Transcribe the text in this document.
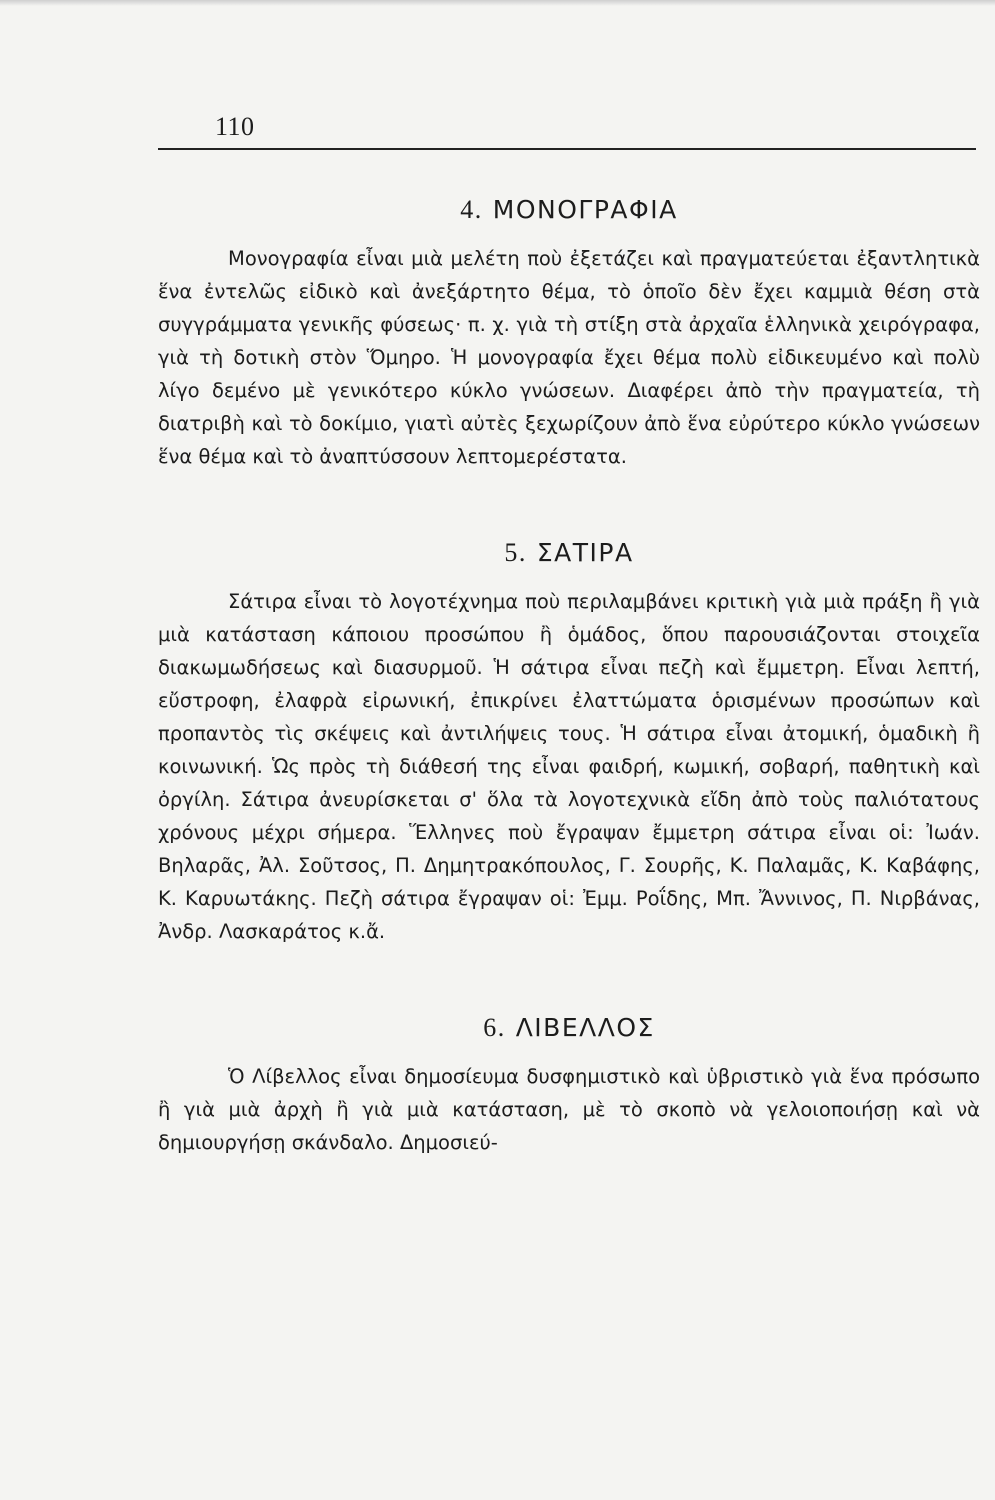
110
4. ΜΟΝΟΓΡΑΦΙΑ

Μονογραφία εἶναι μιὰ μελέτη ποὺ ἐξετάζει καὶ πραγματεύεται ἐξαντλητικὰ ἕνα ἐντελῶς εἰδικὸ καὶ ἀνεξάρτητο θέμα, τὸ ὁποῖο δὲν ἔχει καμμιὰ θέση στὰ συγγράμματα γενικῆς φύσεως· π. χ. γιὰ τὴ στίξη στὰ ἀρχαῖα ἑλληνικὰ χειρόγραφα, γιὰ τὴ δοτικὴ στὸν Ὅμηρο. Ἡ μονογραφία ἔχει θέμα πολὺ εἰδικευμένο καὶ πολὺ λίγο δεμένο μὲ γενικότερο κύκλο γνώσεων. Διαφέρει ἀπὸ τὴν πραγματεία, τὴ διατριβὴ καὶ τὸ δοκίμιο, γιατὶ αὐτὲς ξεχωρίζουν ἀπὸ ἕνα εὐρύτερο κύκλο γνώσεων ἕνα θέμα καὶ τὸ ἀναπτύσσουν λεπτομερέστατα.

5. ΣΑΤΙΡΑ

Σάτιρα εἶναι τὸ λογοτέχνημα ποὺ περιλαμβάνει κριτικὴ γιὰ μιὰ πράξη ἢ γιὰ μιὰ κατάσταση κάποιου προσώπου ἢ ὁμάδος, ὅπου παρουσιάζονται στοιχεῖα διακωμωδήσεως καὶ διασυρμοῦ. Ἡ σάτιρα εἶναι πεζὴ καὶ ἔμμετρη. Εἶναι λεπτή, εὔστροφη, ἐλαφρὰ εἰρωνική, ἐπικρίνει ἐλαττώματα ὁρισμένων προσώπων καὶ προπαντὸς τὶς σκέψεις καὶ ἀντιλήψεις τους. Ἡ σάτιρα εἶναι ἀτομική, ὁμαδικὴ ἢ κοινωνική. Ὡς πρὸς τὴ διάθεσή της εἶναι φαιδρή, κωμική, σοβαρή, παθητικὴ καὶ ὀργίλη. Σάτιρα ἀνευρίσκεται σ' ὅλα τὰ λογοτεχνικὰ εἴδη ἀπὸ τοὺς παλιότατους χρόνους μέχρι σήμερα. Ἕλληνες ποὺ ἔγραψαν ἔμμετρη σάτιρα εἶναι οἱ: Ἰωάν. Βηλαρᾶς, Ἀλ. Σοῦτσος, Π. Δημητρακόπουλος, Γ. Σουρῆς, Κ. Παλαμᾶς, Κ. Καβάφης, Κ. Καρυωτάκης. Πεζὴ σάτιρα ἔγραψαν οἱ: Ἐμμ. Ροΐδης, Μπ. Ἄννινος, Π. Νιρβάνας, Ἀνδρ. Λασκαράτος κ.ἄ.

6. ΛΙΒΕΛΛΟΣ

Ὁ Λίβελλος εἶναι δημοσίευμα δυσφημιστικὸ καὶ ὑβριστικὸ γιὰ ἕνα πρόσωπο ἢ γιὰ μιὰ ἀρχὴ ἢ γιὰ μιὰ κατάσταση, μὲ τὸ σκοπὸ νὰ γελοιοποιήσῃ καὶ νὰ δημιουργήσῃ σκάνδαλο. Δημοσιεύ-
